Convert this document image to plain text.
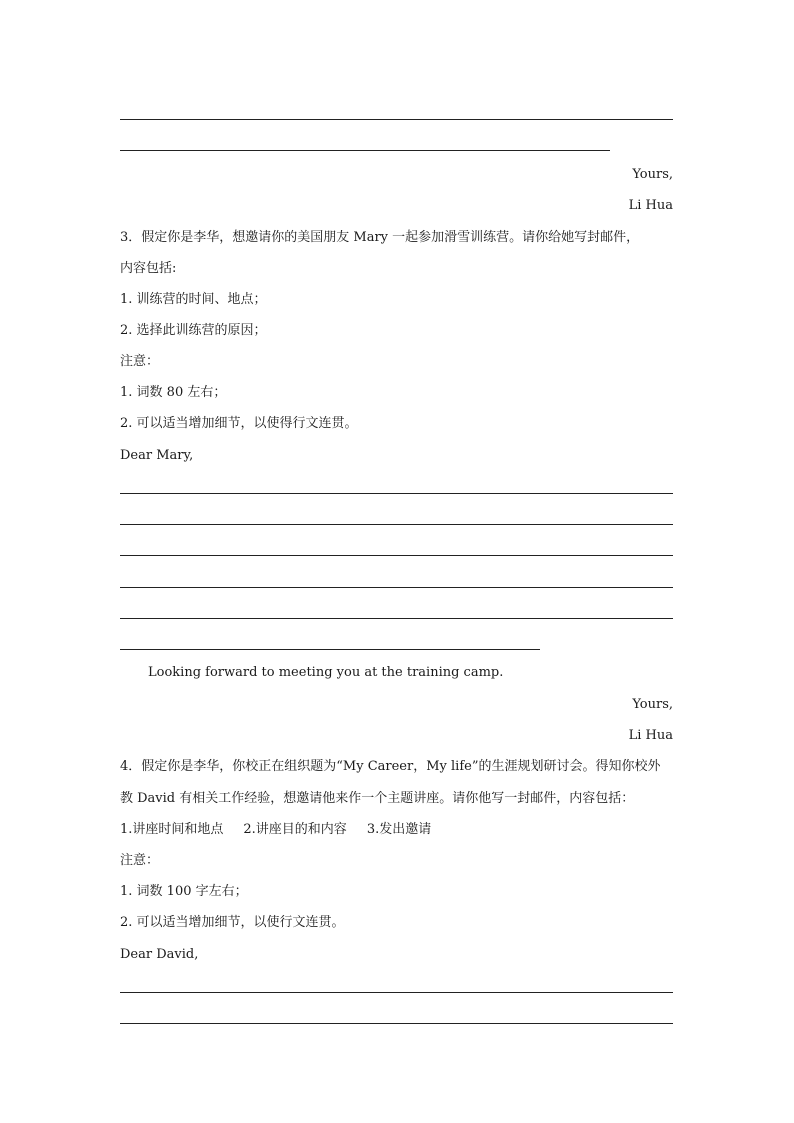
Yours,
Li Hua
3．假定你是李华，想邀请你的美国朋友 Mary 一起参加滑雪训练营。请你给她写封邮件，
内容包括:
1. 训练营的时间、地点；
2. 选择此训练营的原因；
注意：
1. 词数 80 左右；
2. 可以适当增加细节，以使得行文连贯。
Dear Mary,
Looking forward to meeting you at the training camp.
Yours,
Li Hua
4．假定你是李华，你校正在组织题为“My Career，My life”的生涯规划研讨会。得知你校外
教 David 有相关工作经验，想邀请他来作一个主题讲座。请你他写一封邮件，内容包括：
1.讲座时间和地点 2.讲座目的和内容 3.发出邀请
注意：
1. 词数 100 字左右；
2. 可以适当增加细节，以使行文连贯。
Dear David,
